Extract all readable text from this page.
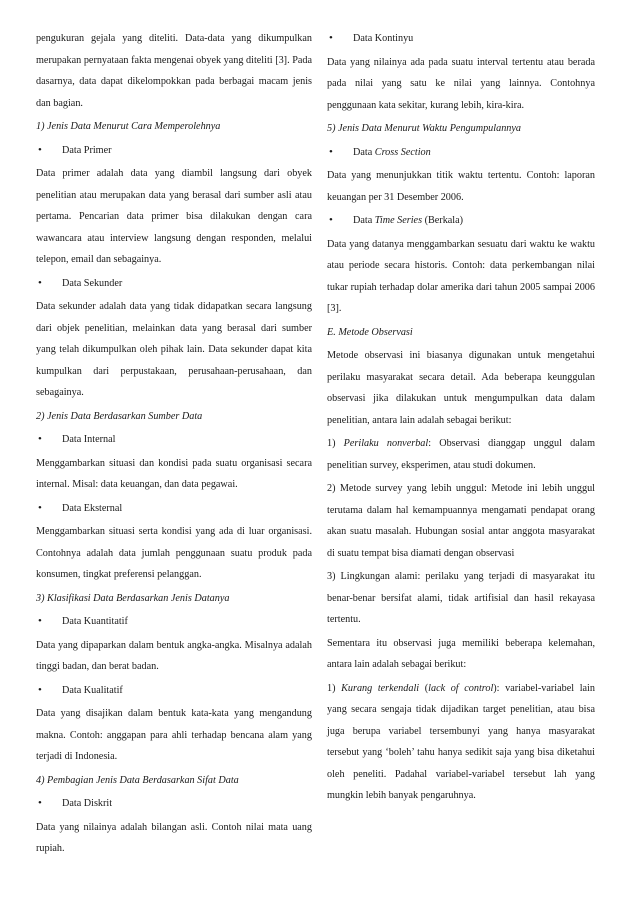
pengukuran gejala yang diteliti. Data-data yang dikumpulkan merupakan pernyataan fakta mengenai obyek yang diteliti [3]. Pada dasarnya, data dapat dikelompokkan pada berbagai macam jenis dan bagian.
1) Jenis Data Menurut Cara Memperolehnya
• Data Primer
Data primer adalah data yang diambil langsung dari obyek penelitian atau merupakan data yang berasal dari sumber asli atau pertama. Pencarian data primer bisa dilakukan dengan cara wawancara atau interview langsung dengan responden, melalui telepon, email dan sebagainya.
• Data Sekunder
Data sekunder adalah data yang tidak didapatkan secara langsung dari objek penelitian, melainkan data yang berasal dari sumber yang telah dikumpulkan oleh pihak lain. Data sekunder dapat kita kumpulkan dari perpustakaan, perusahaan-perusahaan, dan sebagainya.
2) Jenis Data Berdasarkan Sumber Data
• Data Internal
Menggambarkan situasi dan kondisi pada suatu organisasi secara internal. Misal: data keuangan, dan data pegawai.
• Data Eksternal
Menggambarkan situasi serta kondisi yang ada di luar organisasi. Contohnya adalah data jumlah penggunaan suatu produk pada konsumen, tingkat preferensi pelanggan.
3) Klasifikasi Data Berdasarkan Jenis Datanya
• Data Kuantitatif
Data yang dipaparkan dalam bentuk angka-angka. Misalnya adalah tinggi badan, dan berat badan.
• Data Kualitatif
Data yang disajikan dalam bentuk kata-kata yang mengandung makna. Contoh: anggapan para ahli terhadap bencana alam yang terjadi di Indonesia.
4) Pembagian Jenis Data Berdasarkan Sifat Data
• Data Diskrit
Data yang nilainya adalah bilangan asli. Contoh nilai mata uang rupiah.
• Data Kontinyu
Data yang nilainya ada pada suatu interval tertentu atau berada pada nilai yang satu ke nilai yang lainnya. Contohnya penggunaan kata sekitar, kurang lebih, kira-kira.
5) Jenis Data Menurut Waktu Pengumpulannya
• Data Cross Section
Data yang menunjukkan titik waktu tertentu. Contoh: laporan keuangan per 31 Desember 2006.
• Data Time Series (Berkala)
Data yang datanya menggambarkan sesuatu dari waktu ke waktu atau periode secara historis. Contoh: data perkembangan nilai tukar rupiah terhadap dolar amerika dari tahun 2005 sampai 2006 [3].
E. Metode Observasi
Metode observasi ini biasanya digunakan untuk mengetahui perilaku masyarakat secara detail. Ada beberapa keunggulan observasi jika dilakukan untuk mengumpulkan data dalam penelitian, antara lain adalah sebagai berikut:
1) Perilaku nonverbal: Observasi dianggap unggul dalam penelitian survey, eksperimen, atau studi dokumen.
2) Metode survey yang lebih unggul: Metode ini lebih unggul terutama dalam hal kemampuannya mengamati pendapat orang akan suatu masalah. Hubungan sosial antar anggota masyarakat di suatu tempat bisa diamati dengan observasi
3) Lingkungan alami: perilaku yang terjadi di masyarakat itu benar-benar bersifat alami, tidak artifisial dan hasil rekayasa tertentu.
Sementara itu observasi juga memiliki beberapa kelemahan, antara lain adalah sebagai berikut:
1) Kurang terkendali (lack of control): variabel-variabel lain yang secara sengaja tidak dijadikan target penelitian, atau bisa juga berupa variabel tersembunyi yang hanya masyarakat tersebut yang ‘boleh’ tahu hanya sedikit saja yang bisa diketahui oleh peneliti. Padahal variabel-variabel tersebut lah yang mungkin lebih banyak pengaruhnya.
